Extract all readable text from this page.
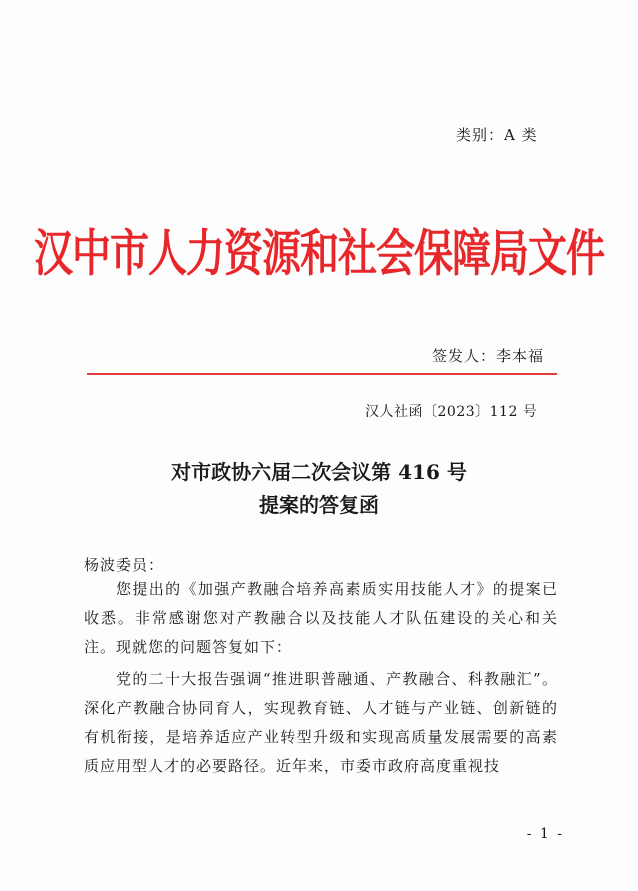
类别：A 类
汉中市人力资源和社会保障局文件
签发人：李本福
汉人社函〔2023〕112 号
对市政协六届二次会议第 416 号
提案的答复函
杨波委员：
您提出的《加强产教融合培养高素质实用技能人才》的提案已收悉。非常感谢您对产教融合以及技能人才队伍建设的关心和关注。现就您的问题答复如下：
党的二十大报告强调“推进职普融通、产教融合、科教融汇”。深化产教融合协同育人，实现教育链、人才链与产业链、创新链的有机衔接，是培养适应产业转型升级和实现高质量发展需要的高素质应用型人才的必要路径。近年来，市委市政府高度重视技
- 1 -
